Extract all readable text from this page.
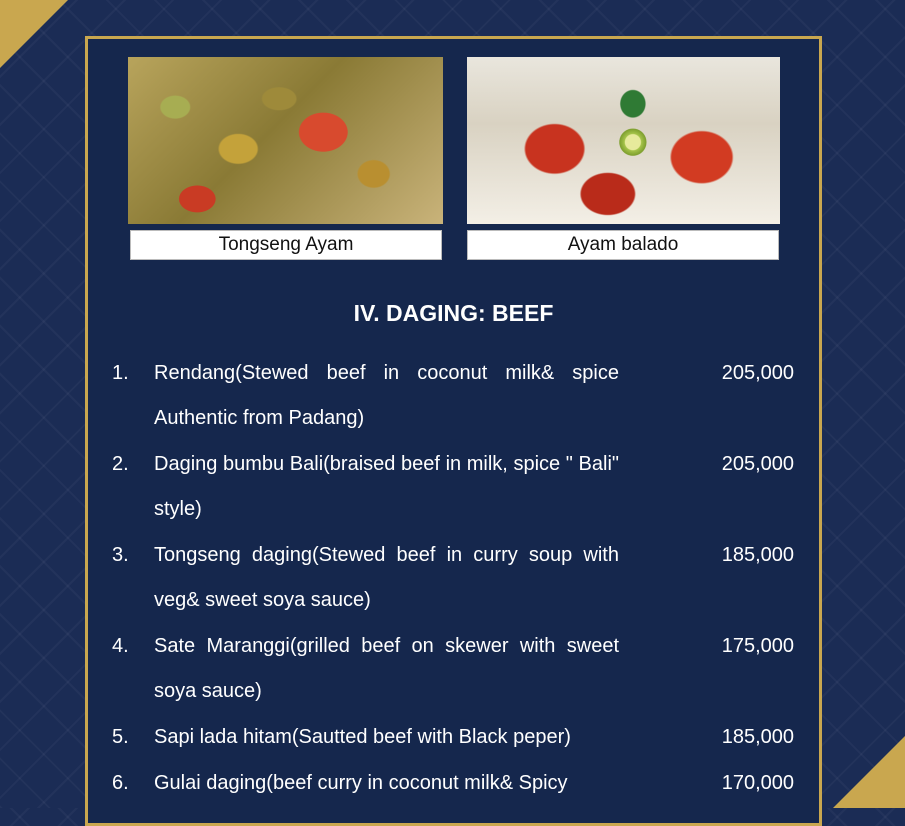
Tongseng Ayam	Ayam balado
IV. DAGING: BEEF
1. Rendang(Stewed beef in coconut milk& spice Authentic from Padang)
205,000
2. Daging bumbu Bali(braised beef in milk, spice " Bali" style)
205,000
3. Tongseng daging(Stewed beef in curry soup with veg& sweet soya sauce)
185,000
4. Sate Maranggi(grilled beef on skewer with sweet soya sauce)
175,000
5. Sapi lada hitam(Sautted beef with Black peper)	185,000
6. Gulai daging(beef curry in coconut milk& Spicy	170,000
